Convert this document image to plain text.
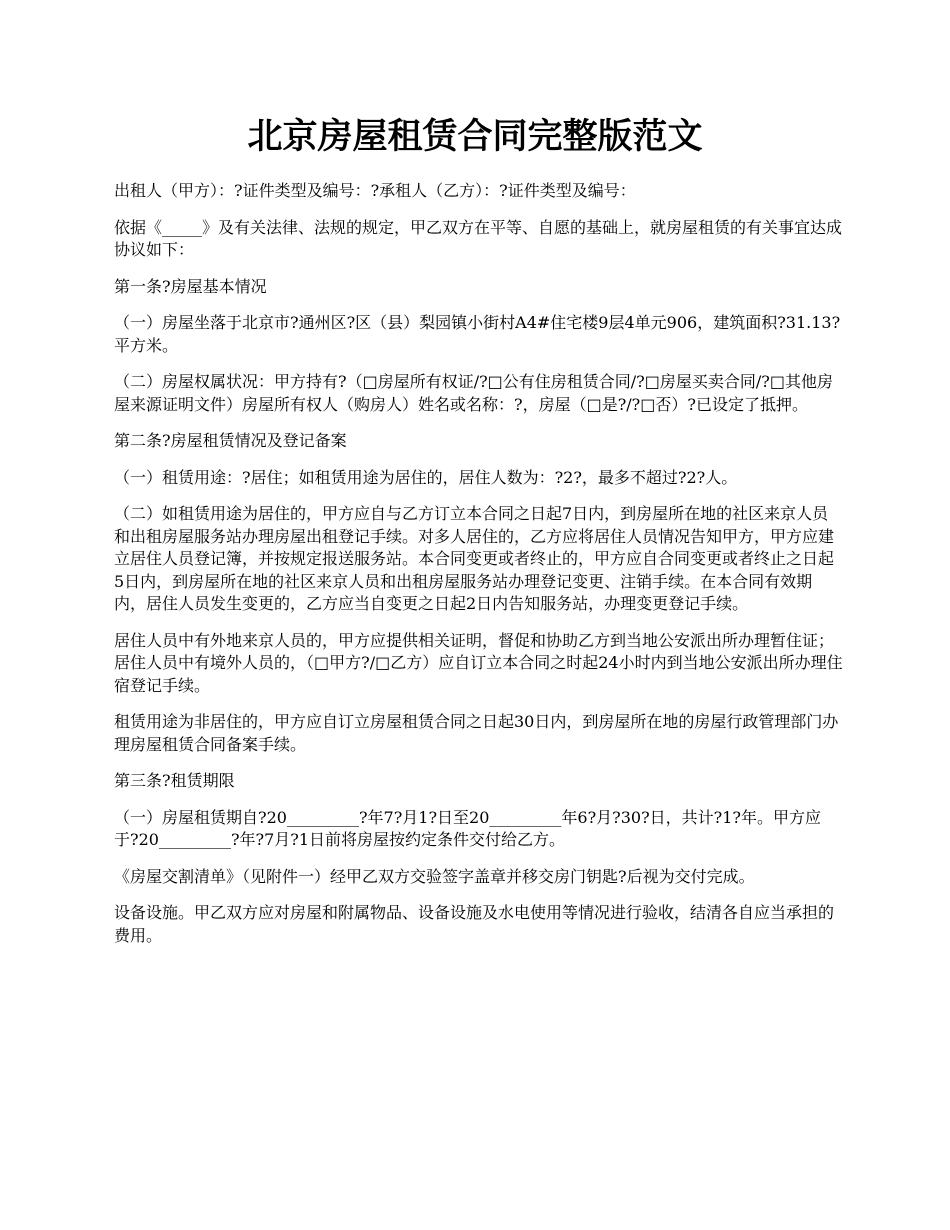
北京房屋租赁合同完整版范文

出租人（甲方）：?证件类型及编号：?承租人（乙方）：?证件类型及编号：

依据《_____》及有关法律、法规的规定，甲乙双方在平等、自愿的基础上，就房屋租赁的有关事宜达成协议如下：

第一条?房屋基本情况

（一）房屋坐落于北京市?通州区?区（县）梨园镇小街村A4#住宅楼9层4单元906，建筑面积?31.13?平方米。

（二）房屋权属状况：甲方持有?（□房屋所有权证/?□公有住房租赁合同/?□房屋买卖合同/?□其他房屋来源证明文件）房屋所有权人（购房人）姓名或名称：?，房屋（□是?/?□否）?已设定了抵押。

第二条?房屋租赁情况及登记备案

（一）租赁用途：?居住；如租赁用途为居住的，居住人数为：?2?，最多不超过?2?人。

（二）如租赁用途为居住的，甲方应自与乙方订立本合同之日起7日内，到房屋所在地的社区来京人员和出租房屋服务站办理房屋出租登记手续。对多人居住的，乙方应将居住人员情况告知甲方，甲方应建立居住人员登记簿，并按规定报送服务站。本合同变更或者终止的，甲方应自合同变更或者终止之日起5日内，到房屋所在地的社区来京人员和出租房屋服务站办理登记变更、注销手续。在本合同有效期内，居住人员发生变更的，乙方应当自变更之日起2日内告知服务站，办理变更登记手续。

居住人员中有外地来京人员的，甲方应提供相关证明，督促和协助乙方到当地公安派出所办理暂住证；居住人员中有境外人员的，（□甲方?/□乙方）应自订立本合同之时起24小时内到当地公安派出所办理住宿登记手续。

租赁用途为非居住的，甲方应自订立房屋租赁合同之日起30日内，到房屋所在地的房屋行政管理部门办理房屋租赁合同备案手续。

第三条?租赁期限

（一）房屋租赁期自?20_________?年7?月1?日至20_________年6?月?30?日，共计?1?年。甲方应于?20_________?年?7月?1日前将房屋按约定条件交付给乙方。

《房屋交割清单》（见附件一）经甲乙双方交验签字盖章并移交房门钥匙?后视为交付完成。

设备设施。甲乙双方应对房屋和附属物品、设备设施及水电使用等情况进行验收，结清各自应当承担的费用。
